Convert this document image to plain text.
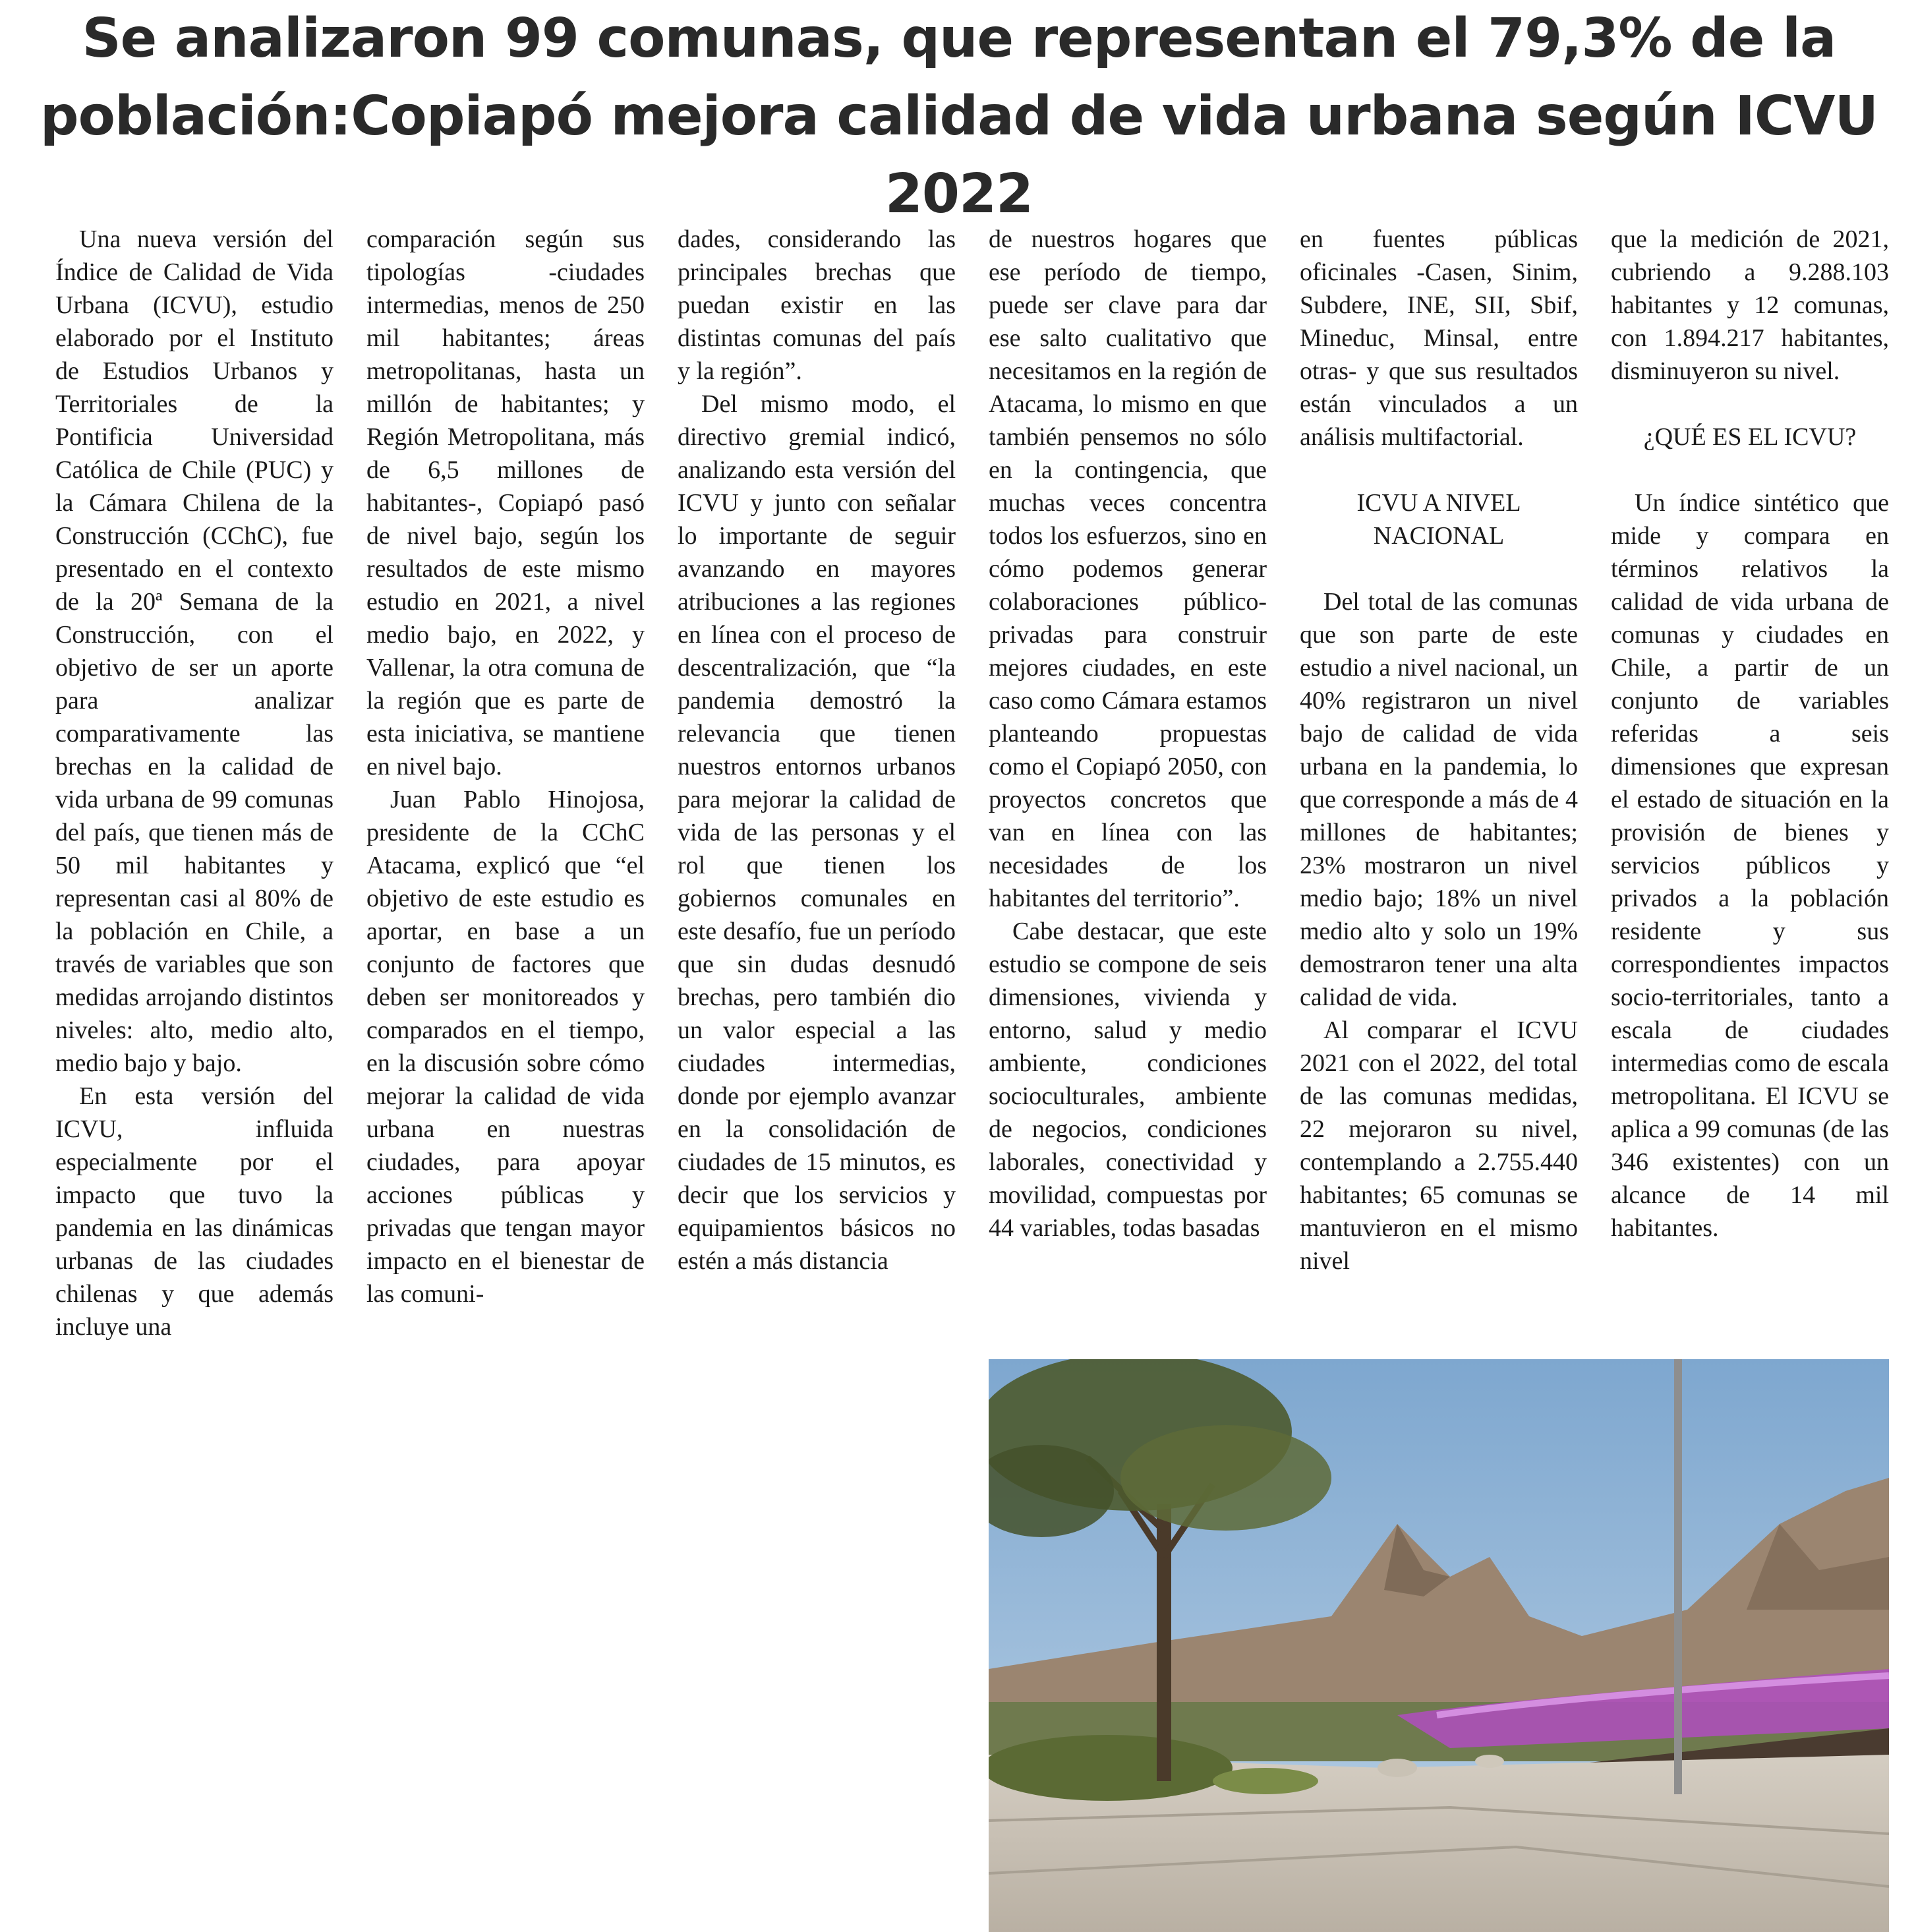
Se analizaron 99 comunas, que representan el 79,3% de la
población:Copiapó mejora calidad de vida urbana según ICVU
2022

Una nueva versión del Índice de Calidad de Vida Urbana (ICVU), estudio elaborado por el Instituto de Estudios Urbanos y Territoriales de la Pontificia Universidad Católica de Chile (PUC) y la Cámara Chilena de la Construcción (CChC), fue presentado en el contexto de la 20ª Semana de la Construcción, con el objetivo de ser un aporte para analizar comparativamente las brechas en la calidad de vida urbana de 99 comunas del país, que tienen más de 50 mil habitantes y representan casi al 80% de la población en Chile, a través de variables que son medidas arrojando distintos niveles: alto, medio alto, medio bajo y bajo.

En esta versión del ICVU, influida especialmente por el impacto que tuvo la pandemia en las dinámicas urbanas de las ciudades chilenas y que además incluye una

comparación según sus tipologías -ciudades intermedias, menos de 250 mil habitantes; áreas metropolitanas, hasta un millón de habitantes; y Región Metropolitana, más de 6,5 millones de habitantes-, Copiapó pasó de nivel bajo, según los resultados de este mismo estudio en 2021, a nivel medio bajo, en 2022, y Vallenar, la otra comuna de la región que es parte de esta iniciativa, se mantiene en nivel bajo.

Juan Pablo Hinojosa, presidente de la CChC Atacama, explicó que “el objetivo de este estudio es aportar, en base a un conjunto de factores que deben ser monitoreados y comparados en el tiempo, en la discusión sobre cómo mejorar la calidad de vida urbana en nuestras ciudades, para apoyar acciones públicas y privadas que tengan mayor impacto en el bienestar de las comuni-

dades, considerando las principales brechas que puedan existir en las distintas comunas del país y la región”.

Del mismo modo, el directivo gremial indicó, analizando esta versión del ICVU y junto con señalar lo importante de seguir avanzando en mayores atribuciones a las regiones en línea con el proceso de descentralización, que “la pandemia demostró la relevancia que tienen nuestros entornos urbanos para mejorar la calidad de vida de las personas y el rol que tienen los gobiernos comunales en este desafío, fue un período que sin dudas desnudó brechas, pero también dio un valor especial a las ciudades intermedias, donde por ejemplo avanzar en la consolidación de ciudades de 15 minutos, es decir que los servicios y equipamientos básicos no estén a más distancia

de nuestros hogares que ese período de tiempo, puede ser clave para dar ese salto cualitativo que necesitamos en la región de Atacama, lo mismo en que también pensemos no sólo en la contingencia, que muchas veces concentra todos los esfuerzos, sino en cómo podemos generar colaboraciones público-privadas para construir mejores ciudades, en este caso como Cámara estamos planteando propuestas como el Copiapó 2050, con proyectos concretos que van en línea con las necesidades de los habitantes del territorio”.

Cabe destacar, que este estudio se compone de seis dimensiones, vivienda y entorno, salud y medio ambiente, condiciones socioculturales, ambiente de negocios, condiciones laborales, conectividad y movilidad, compuestas por 44 variables, todas basadas

en fuentes públicas oficinales -Casen, Sinim, Subdere, INE, SII, Sbif, Mineduc, Minsal, entre otras- y que sus resultados están vinculados a un análisis multifactorial.

ICVU A NIVEL NACIONAL

Del total de las comunas que son parte de este estudio a nivel nacional, un 40% registraron un nivel bajo de calidad de vida urbana en la pandemia, lo que corresponde a más de 4 millones de habitantes; 23% mostraron un nivel medio bajo; 18% un nivel medio alto y solo un 19% demostraron tener una alta calidad de vida.

Al comparar el ICVU 2021 con el 2022, del total de las comunas medidas, 22 mejoraron su nivel, contemplando a 2.755.440 habitantes; 65 comunas se mantuvieron en el mismo nivel

que la medición de 2021, cubriendo a 9.288.103 habitantes y 12 comunas, con 1.894.217 habitantes, disminuyeron su nivel.

¿QUÉ ES EL ICVU?

Un índice sintético que mide y compara en términos relativos la calidad de vida urbana de comunas y ciudades en Chile, a partir de un conjunto de variables referidas a seis dimensiones que expresan el estado de situación en la provisión de bienes y servicios públicos y privados a la población residente y sus correspondientes impactos socio-territoriales, tanto a escala de ciudades intermedias como de escala metropolitana. El ICVU se aplica a 99 comunas (de las 346 existentes) con un alcance de 14 mil habitantes.
